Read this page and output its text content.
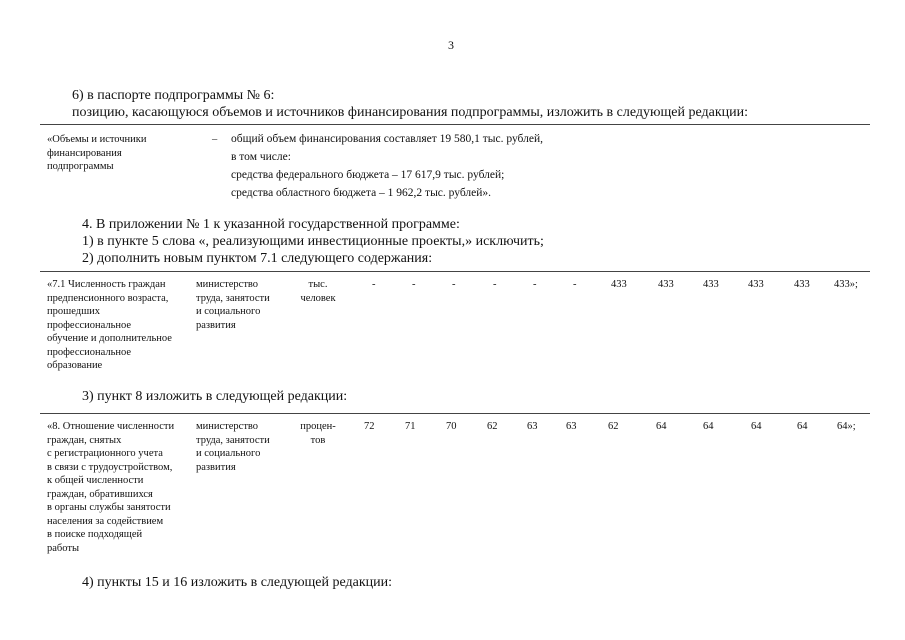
3
6) в паспорте подпрограммы № 6:
позицию, касающуюся объемов и источников финансирования подпрограммы, изложить в следующей редакции:
«Объемы и источники
финансирования
подпрограммы
– общий объем финансирования составляет 19 580,1 тыс. рублей,
в том числе:
средства федерального бюджета – 17 617,9 тыс. рублей;
средства областного бюджета – 1 962,2 тыс. рублей».
4. В приложении № 1 к указанной государственной программе:
1) в пункте 5 слова «, реализующими инвестиционные проекты,» исключить;
2) дополнить новым пунктом 7.1 следующего содержания:
«7.1 Численность граждан
предпенсионного возраста,
прошедших
профессиональное
обучение и дополнительное
профессиональное
образование
министерство
труда, занятости
и социального
развития
тыс.
человек
-	-	-	-	-	-	433	433	433	433	433 433»;
3) пункт 8 изложить в следующей редакции:
«8. Отношение численности
граждан, снятых
с регистрационного учета
в связи с трудоустройством,
к общей численности
граждан, обратившихся
в органы службы занятости
населения за содействием
в поиске подходящей
работы
министерство
труда, занятости
и социального
развития
процен-
тов
72	71	70	62	63	63	62	64	64	64	64	64»;
4) пункты 15 и 16 изложить в следующей редакции:
